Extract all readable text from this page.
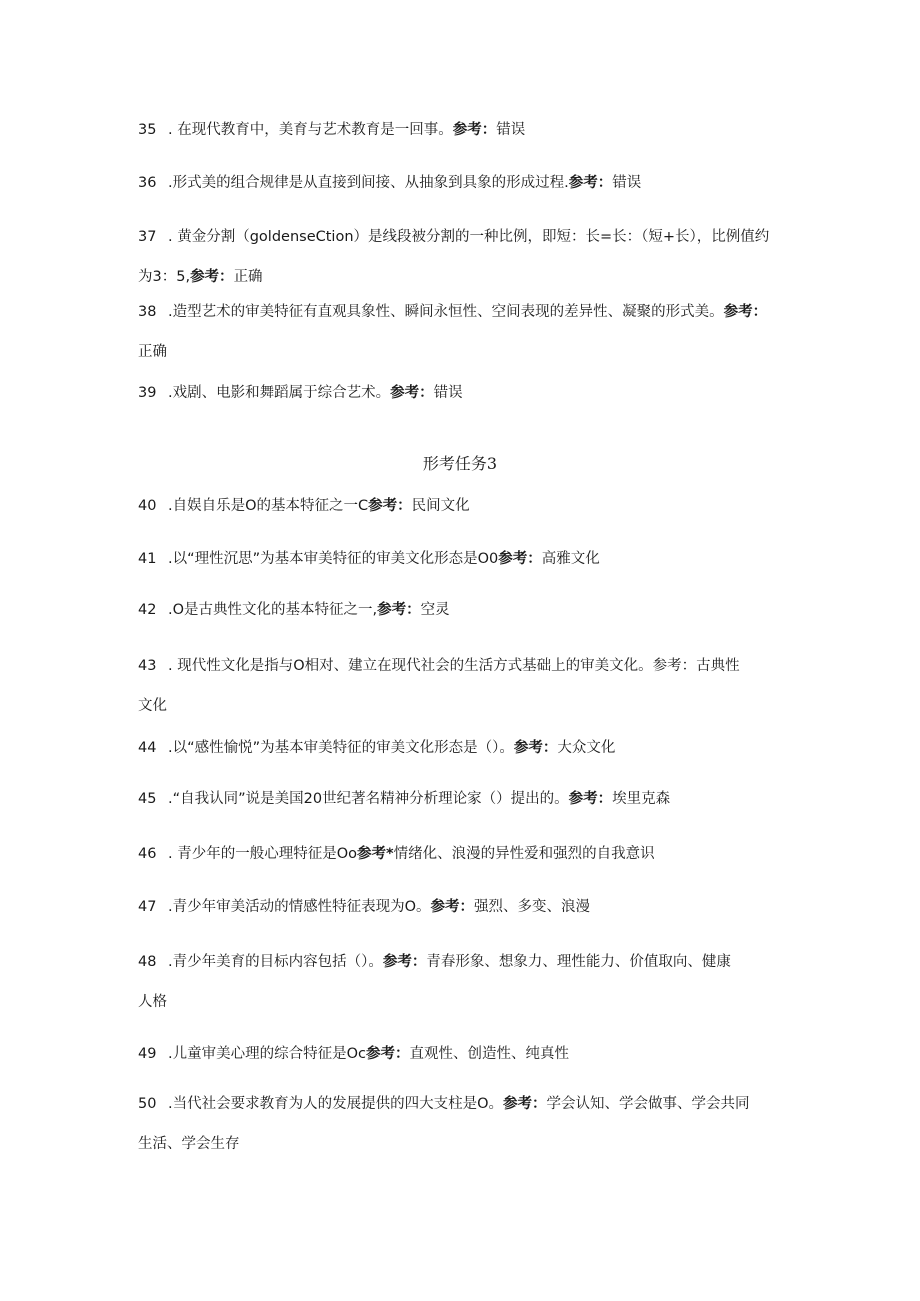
35 . 在现代教育中，美育与艺术教育是一回事。参考：错误
36 .形式美的组合规律是从直接到间接、从抽象到具象的形成过程.参考：错误
37 . 黄金分割（goldenseCtion）是线段被分割的一种比例，即短：长=长：（短+长），比例值约
为3：5,参考：正确
38 .造型艺术的审美特征有直观具象性、瞬间永恒性、空间表现的差异性、凝聚的形式美。参考：
正确
39 .戏剧、电影和舞蹈属于综合艺术。参考：错误
形考任务3
40 .自娱自乐是O的基本特征之一C参考：民间文化
41 .以“理性沉思”为基本审美特征的审美文化形态是O0参考：高雅文化
42 .O是古典性文化的基本特征之一,参考：空灵
43 . 现代性文化是指与O相对、建立在现代社会的生活方式基础上的审美文化。参考：古典性
文化
44 .以“感性愉悦”为基本审美特征的审美文化形态是（）。参考：大众文化
45 .“自我认同”说是美国20世纪著名精神分析理论家（）提出的。参考：埃里克森
46 . 青少年的一般心理特征是Oo参考*情绪化、浪漫的异性爱和强烈的自我意识
47 .青少年审美活动的情感性特征表现为O。参考：强烈、多变、浪漫
48 .青少年美育的目标内容包括（）。参考：青春形象、想象力、理性能力、价值取向、健康
人格
49 .儿童审美心理的综合特征是Oc参考：直观性、创造性、纯真性
50 .当代社会要求教育为人的发展提供的四大支柱是O。参考：学会认知、学会做事、学会共同
生活、学会生存
